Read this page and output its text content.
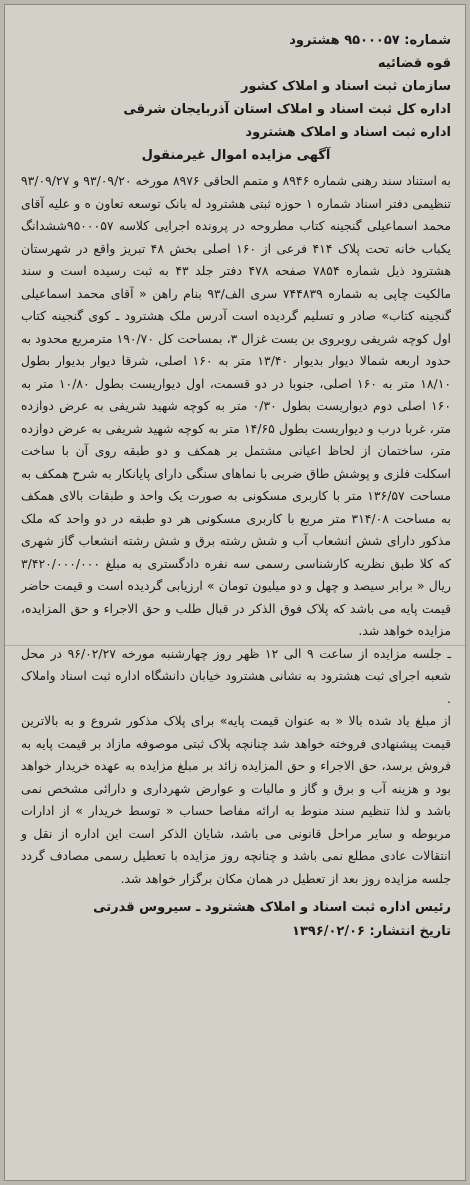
شماره: ۹۵۰۰۰۵۷ هشترود
قوه قضائیه
سازمان ثبت اسناد و املاک کشور
اداره کل ثبت اسناد و املاک استان آذربایجان شرقی
اداره ثبت اسناد و املاک هشترود
آگهی مزایده اموال غیرمنقول

به استناد سند رهنی شماره ۸۹۴۶ و متمم الحاقی ۸۹۷۶ مورخه ۹۳/۰۹/۲۰ و ۹۳/۰۹/۲۷ تنظیمی دفتر اسناد شماره ۱ حوزه ثبتی هشترود له بانک توسعه تعاون ه و علیه آقای محمد اسماعیلی گنجینه کتاب مطروحه در پرونده اجرایی کلاسه ۹۵۰۰۰۵۷ششدانگ یکباب خانه تحت پلاک ۴۱۴ فرعی از ۱۶۰ اصلی بخش ۴۸ تبریز واقع در شهرستان هشترود ذیل شماره ۷۸۵۴ صفحه ۴۷۸ دفتر جلد ۴۳ به ثبت رسیده است و سند مالکیت چاپی به شماره ۷۴۴۸۳۹ سری الف/۹۳ بنام راهن « آقای محمد اسماعیلی گنجینه کتاب» صادر و تسلیم گردیده است آدرس ملک هشترود ـ کوی گنجینه کتاب اول کوچه شریفی روبروی بن بست غزال ۳، بمساحت کل ۱۹۰/۷۰ مترمربع محدود به حدود اربعه شمالا دیوار بدیوار ۱۳/۴۰ متر به ۱۶۰ اصلی، شرقا دیوار بدیوار بطول ۱۸/۱۰ متر به ۱۶۰ اصلی، جنوبا در دو قسمت، اول دیواریست بطول ۱۰/۸۰ متر به ۱۶۰ اصلی دوم دیواریست بطول ۰/۳۰ متر به کوچه شهید شریفی به عرض دوازده متر، غربا درب و دیواریست بطول ۱۴/۶۵ متر به کوچه شهید شریفی به عرض دوازده متر، ساختمان از لحاظ اعیانی مشتمل بر همکف و دو طبقه روی آن با ساخت اسکلت فلزی و پوشش طاق ضربی با نماهای سنگی دارای پایانکار به شرح همکف به مساحت ۱۳۶/۵۷ متر با کاربری مسکونی به صورت یک واحد و طبقات بالای همکف به مساحت ۳۱۴/۰۸ متر مربع با کاربری مسکونی هر دو طبقه در دو واحد که ملک مذکور دارای شش انشعاب آب و شش رشته برق و شش رشته انشعاب گاز شهری که کلا طبق نظریه کارشناسی رسمی سه نفره دادگستری به مبلغ ۳/۴۲۰/۰۰۰/۰۰۰ ریال « برابر سیصد و چهل و دو میلیون تومان » ارزیابی گردیده است و قیمت حاضر قیمت پایه می باشد که پلاک فوق الذکر در قبال طلب و حق الاجراء و حق المزایده، مزایده خواهد شد.

ـ جلسه مزایده از ساعت ۹ الی ۱۲ ظهر روز چهارشنبه مورخه ۹۶/۰۲/۲۷ در محل شعبه اجرای ثبت هشترود به نشانی هشترود خیابان دانشگاه اداره ثبت اسناد واملاک .

از مبلغ یاد شده بالا « به عنوان قیمت پایه» برای پلاک مذکور شروع و به بالاترین قیمت پیشنهادی فروخته خواهد شد چنانچه پلاک ثبتی موصوفه مازاد بر قیمت پایه به فروش برسد، حق الاجراء و حق المزایده زائد بر مبلغ مزایده به عهده خریدار خواهد بود و هزینه آب و برق و گاز و مالیات و عوارض شهرداری و دارائی مشخص نمی باشد و لذا تنظیم سند منوط به ارائه مفاصا حساب « توسط خریدار » از ادارات مربوطه و سایر مراحل قانونی می باشد، شایان الذکر است این اداره از نقل و انتقالات عادی مطلع نمی باشد و چنانچه روز مزایده با تعطیل رسمی مصادف گردد جلسه مزایده روز بعد از تعطیل در همان مکان برگزار خواهد شد.

رئیس اداره ثبت اسناد و املاک هشترود ـ سیروس قدرتی
تاریخ انتشار: ۱۳۹۶/۰۲/۰۶
